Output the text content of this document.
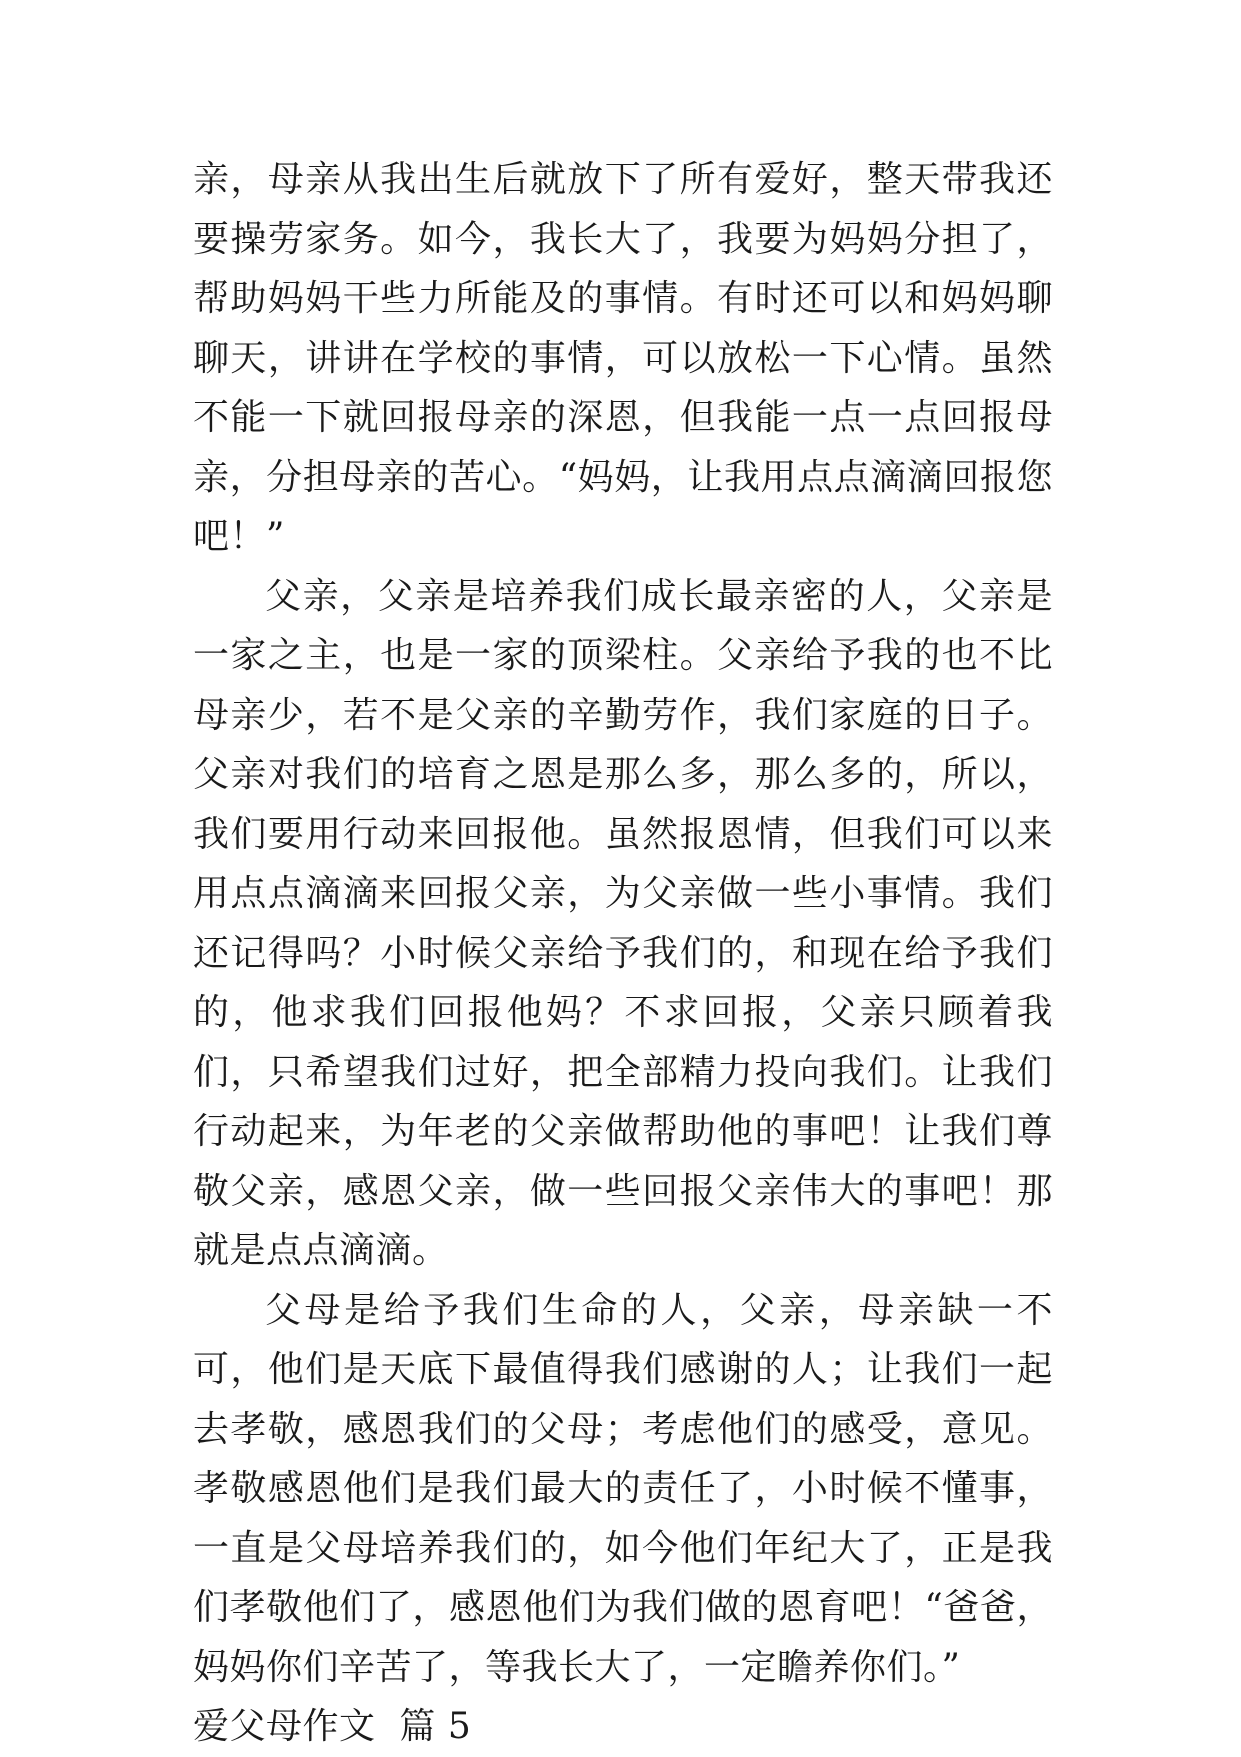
亲，母亲从我出生后就放下了所有爱好，整天带我还要操劳家务。如今，我长大了，我要为妈妈分担了，帮助妈妈干些力所能及的事情。有时还可以和妈妈聊聊天，讲讲在学校的事情，可以放松一下心情。虽然不能一下就回报母亲的深恩，但我能一点一点回报母亲，分担母亲的苦心。“妈妈，让我用点点滴滴回报您吧！”

父亲，父亲是培养我们成长最亲密的人，父亲是一家之主，也是一家的顶梁柱。父亲给予我的也不比母亲少，若不是父亲的辛勤劳作，我们家庭的日子。父亲对我们的培育之恩是那么多，那么多的，所以，我们要用行动来回报他。虽然报恩情，但我们可以来用点点滴滴来回报父亲，为父亲做一些小事情。我们还记得吗？小时候父亲给予我们的，和现在给予我们的，他求我们回报他妈？不求回报，父亲只顾着我们，只希望我们过好，把全部精力投向我们。让我们行动起来，为年老的父亲做帮助他的事吧！让我们尊敬父亲，感恩父亲，做一些回报父亲伟大的事吧！那就是点点滴滴。

父母是给予我们生命的人，父亲，母亲缺一不可，他们是天底下最值得我们感谢的人；让我们一起去孝敬，感恩我们的父母；考虑他们的感受，意见。孝敬感恩他们是我们最大的责任了，小时候不懂事，一直是父母培养我们的，如今他们年纪大了，正是我们孝敬他们了，感恩他们为我们做的恩育吧！“爸爸，妈妈你们辛苦了，等我长大了，一定瞻养你们。”

爱父母作文  篇 5
